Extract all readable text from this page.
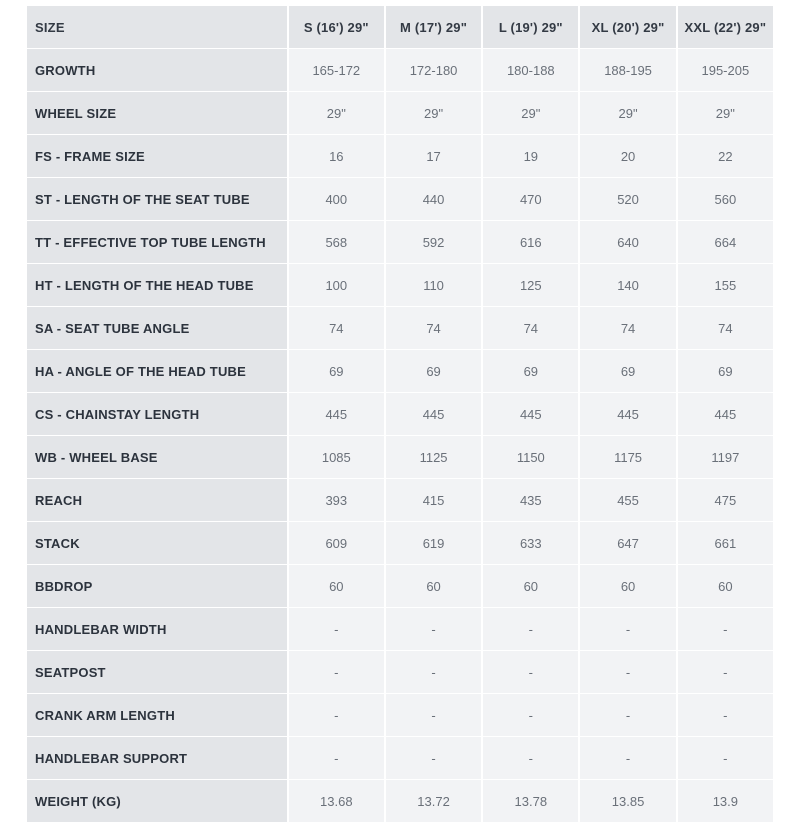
SIZE	S (16') 29"	M (17') 29"	L (19') 29"	XL (20') 29"	XXL (22') 29"
GROWTH	165-172	172-180	180-188	188-195	195-205
WHEEL SIZE	29"	29"	29"	29"	29"
FS - FRAME SIZE	16	17	19	20	22
ST - LENGTH OF THE SEAT TUBE	400	440	470	520	560
TT - EFFECTIVE TOP TUBE LENGTH	568	592	616	640	664
HT - LENGTH OF THE HEAD TUBE	100	110	125	140	155
SA - SEAT TUBE ANGLE	74	74	74	74	74
HA - ANGLE OF THE HEAD TUBE	69	69	69	69	69
CS - CHAINSTAY LENGTH	445	445	445	445	445
WB - WHEEL BASE	1085	1125	1150	1175	1197
REACH	393	415	435	455	475
STACK	609	619	633	647	661
BBDROP	60	60	60	60	60
HANDLEBAR WIDTH	-	-	-	-	-
SEATPOST	-	-	-	-	-
CRANK ARM LENGTH	-	-	-	-	-
HANDLEBAR SUPPORT	-	-	-	-	-
WEIGHT (KG)	13.68	13.72	13.78	13.85	13.9
